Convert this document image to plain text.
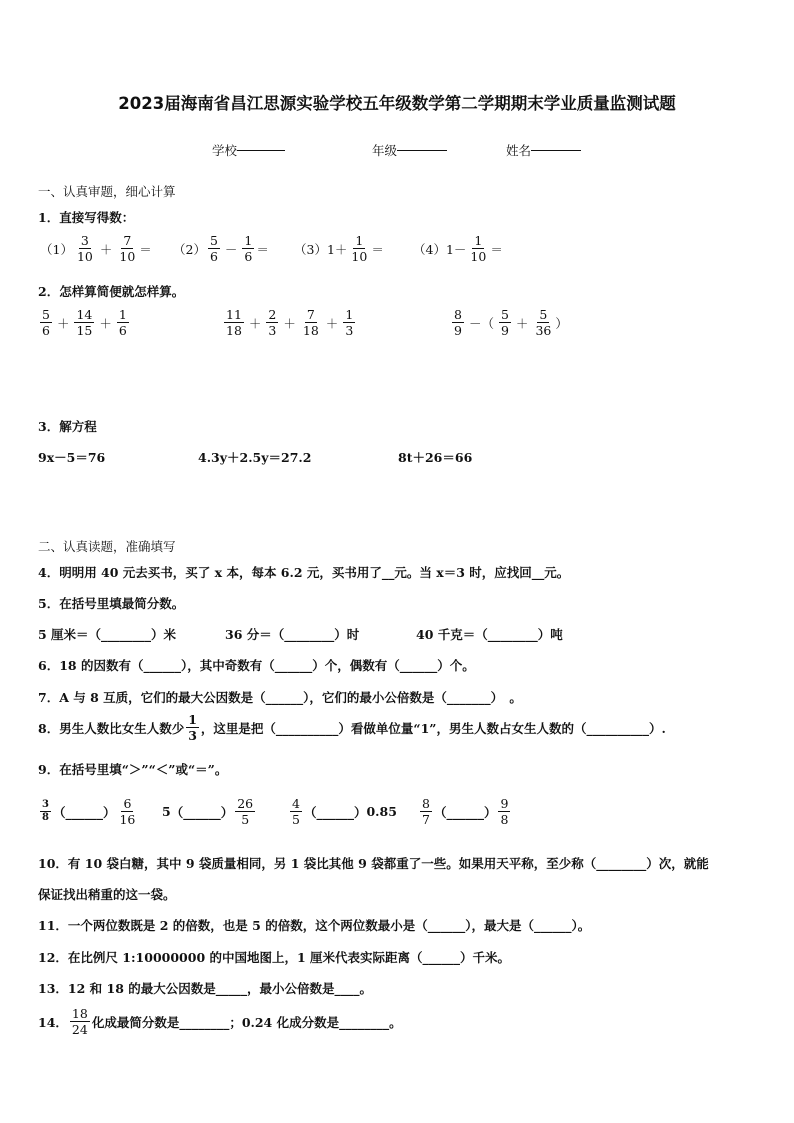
2023届海南省昌江思源实验学校五年级数学第二学期期末学业质量监测试题
学校	年级	姓名
一、认真审题，细心计算
1．直接写得数：
$(1) \frac{3}{10} + \frac{7}{10} = (2) \frac{5}{6} - \frac{1}{6} = (3)$ $1+ \frac{1}{10} = (4)$ $1- \frac{1}{10}$ ＝
2．怎样算简便就怎样算。
$\frac{5}{6} + \frac{14}{15} + \frac{1}{6}$	$\frac{11}{18} + \frac{2}{3} + \frac{7}{18} + \frac{1}{3}$	$\frac{8}{9}$ －（ $\frac{5}{9} + \frac{5}{36}$ ）
3．解方程
9x－5＝76	4.3y＋2.5y＝27.2	8t＋26＝66
二、认真读题，准确填写
4．明明用 40 元去买书，买了 x 本，每本 6.2 元，买书用了__元。当 x＝3 时，应找回__元。
5．在括号里填最简分数。
5 厘米＝（________）米	36 分＝（________）时	40 千克＝（________）吨
6．18 的因数有（______），其中奇数有（______）个，偶数有（______）个。
7．A 与 8 互质，它们的最大公因数是（______），它们的最小公倍数是（_______）　。
8．男生人数比女生人数少 $\frac{1}{3}$ ，这里是把（__________）看做单位量“1”，男生人数占女生人数的（__________）.
9．在括号里填“＞”“＜”或“＝”。
$\frac{3}{8}$ （______） $\frac{6}{16} 5$ （______） $\frac{26}{5}$	$\frac{4}{5}$ （______） $0.85 \frac{8}{7}$ （______） $\frac{9}{8}$
10．有 10 袋白糖，其中 9 袋质量相同，另 1 袋比其他 9 袋都重了一些。如果用天平称，至少称（________）次，就能
保证找出稍重的这一袋。
11．一个两位数既是 2 的倍数，也是 5 的倍数，这个两位数最小是（______），最大是（______）。
12．在比例尺 1:10000000 的中国地图上，1 厘米代表实际距离（______）千米。
13．12 和 18 的最大公因数是_____，最小公倍数是____。
14． $\frac{18}{24}$ 化成最简分数是________；0.24 化成分数是________。
